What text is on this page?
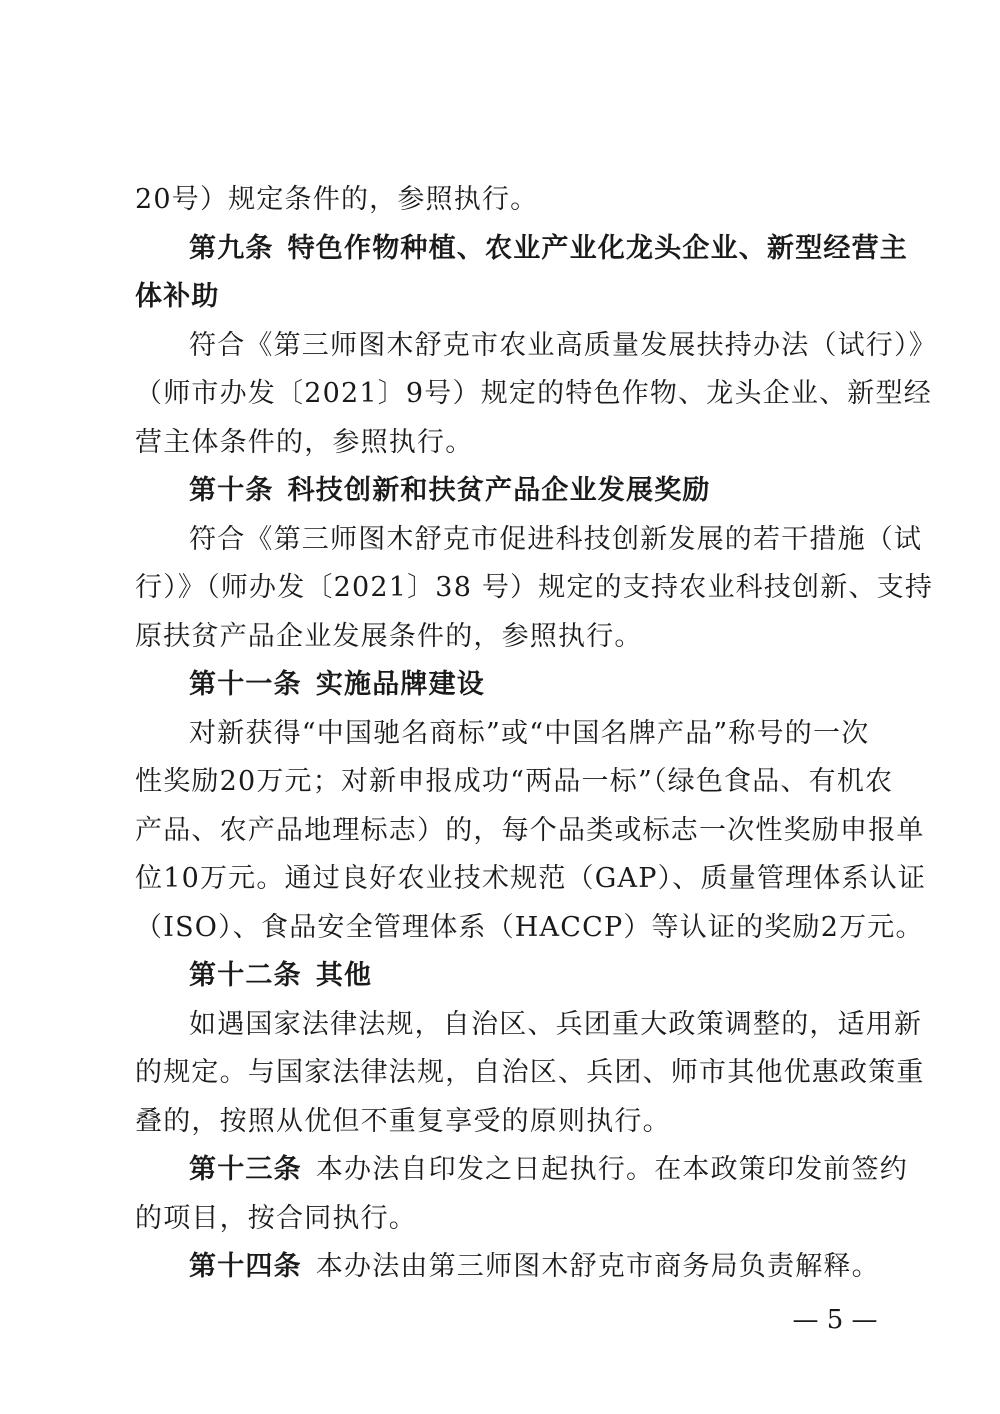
20号）规定条件的，参照执行。
第九条 特色作物种植、农业产业化龙头企业、新型经营主
体补助
符合《第三师图木舒克市农业高质量发展扶持办法（试行）》
（师市办发〔2021〕9号）规定的特色作物、龙头企业、新型经
营主体条件的，参照执行。
第十条 科技创新和扶贫产品企业发展奖励
符合《第三师图木舒克市促进科技创新发展的若干措施（试
行）》（师办发〔2021〕38 号）规定的支持农业科技创新、支持
原扶贫产品企业发展条件的，参照执行。
第十一条 实施品牌建设
对新获得“中国驰名商标”或“中国名牌产品”称号的一次
性奖励20万元；对新申报成功“两品一标”（绿色食品、有机农
产品、农产品地理标志）的，每个品类或标志一次性奖励申报单
位10万元。通过良好农业技术规范（GAP）、质量管理体系认证
（ISO）、食品安全管理体系（HACCP）等认证的奖励2万元。
第十二条 其他
如遇国家法律法规，自治区、兵团重大政策调整的，适用新
的规定。与国家法律法规，自治区、兵团、师市其他优惠政策重
叠的，按照从优但不重复享受的原则执行。
第十三条 本办法自印发之日起执行。在本政策印发前签约
的项目，按合同执行。
第十四条 本办法由第三师图木舒克市商务局负责解释。
— 5 —
